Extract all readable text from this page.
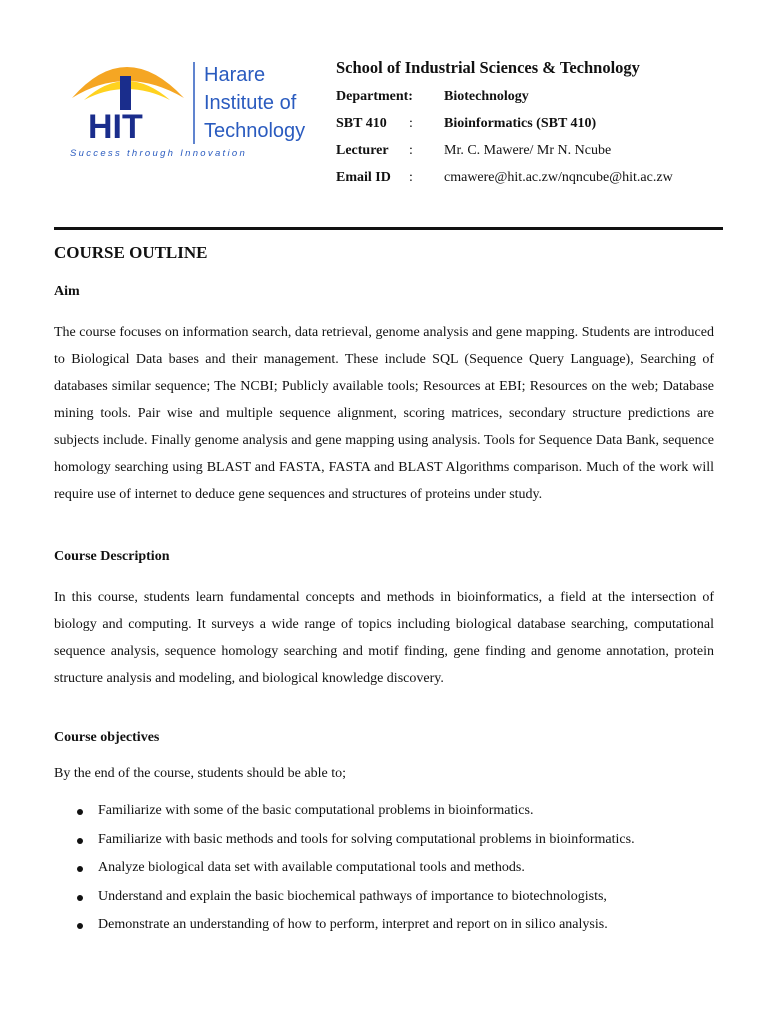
HIT
Harare
Institute of
Technology
Success through Innovation
School of Industrial Sciences & Technology
Department: Biotechnology
SBT 410 : Bioinformatics (SBT 410)
Lecturer : Mr. C. Mawere/ Mr N. Ncube
Email ID : cmawere@hit.ac.zw/nqncube@hit.ac.zw
COURSE OUTLINE
Aim

The course focuses on information search, data retrieval, genome analysis and gene mapping. Students are introduced to Biological Data bases and their management. These include SQL (Sequence Query Language), Searching of databases similar sequence; The NCBI; Publicly available tools; Resources at EBI; Resources on the web; Database mining tools. Pair wise and multiple sequence alignment, scoring matrices, secondary structure predictions are subjects include. Finally genome analysis and gene mapping using analysis. Tools for Sequence Data Bank, sequence homology searching using BLAST and FASTA, FASTA and BLAST Algorithms comparison. Much of the work will require use of internet to deduce gene sequences and structures of proteins under study.

Course Description

In this course, students learn fundamental concepts and methods in bioinformatics, a field at the intersection of biology and computing. It surveys a wide range of topics including biological database searching, computational sequence analysis, sequence homology searching and motif finding, gene finding and genome annotation, protein structure analysis and modeling, and biological knowledge discovery.

Course objectives

By the end of the course, students should be able to;

Familiarize with some of the basic computational problems in bioinformatics.
Familiarize with basic methods and tools for solving computational problems in bioinformatics.
Analyze biological data set with available computational tools and methods.
Understand and explain the basic biochemical pathways of importance to biotechnologists,
Demonstrate an understanding of how to perform, interpret and report on in silico analysis.
